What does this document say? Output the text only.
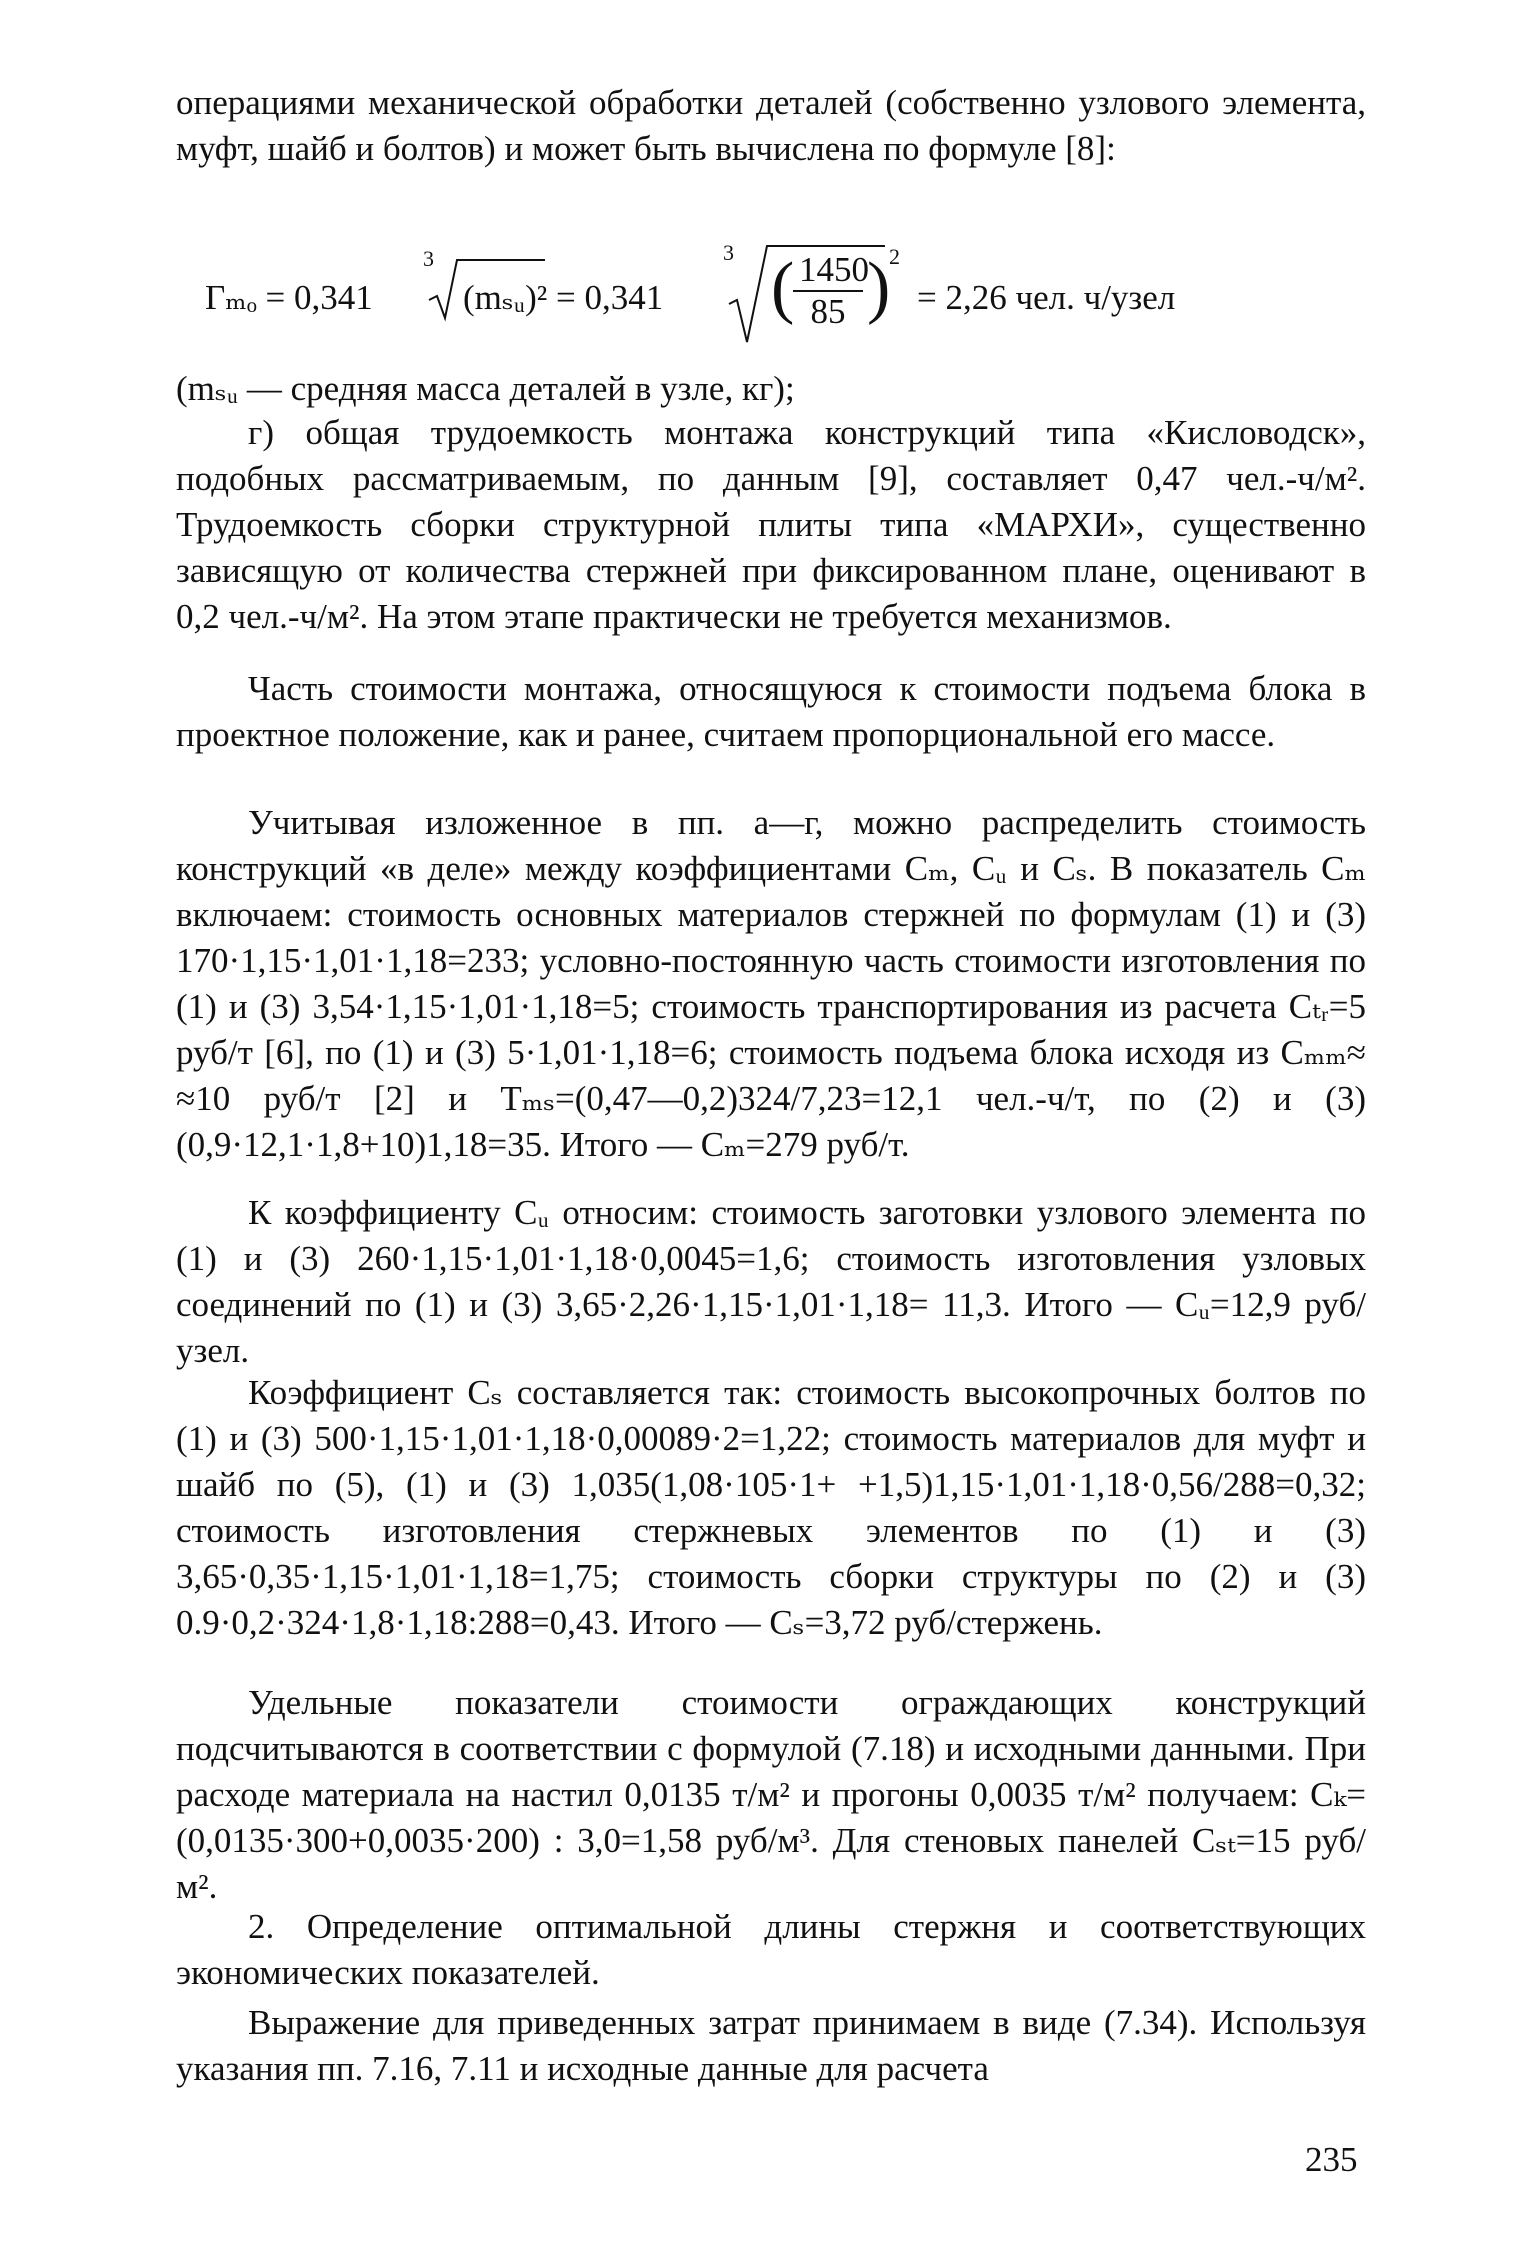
операциями механической обработки деталей (собственно узлового элемента, муфт, шайб и болтов) и может быть вычислена по формуле [8]:

Гₘₒ = 0,341
3
(mₛᵤ)² = 0,341
3 (
$\frac{1450}{85}$ )
2
= 2,26 чел. ч/узел

(mₛᵤ — средняя масса деталей в узле, кг);

г) общая трудоемкость монтажа конструкций типа «Кисловодск», подобных рассматриваемым, по данным [9], составляет 0,47 чел.-ч/м². Трудоемкость сборки структурной плиты типа «МАРХИ», существенно зависящую от количества стержней при фиксированном плане, оценивают в 0,2 чел.-ч/м². На этом этапе практически не требуется механизмов.

Часть стоимости монтажа, относящуюся к стоимости подъема блока в проектное положение, как и ранее, считаем пропорциональной его массе.

Учитывая изложенное в пп. а—г, можно распределить стоимость конструкций «в деле» между коэффициентами Cₘ, Cᵤ и Cₛ. В показатель Cₘ включаем: стоимость основных материалов стержней по формулам (1) и (3) 170·1,15·1,01·1,18=233; условно-постоянную часть стоимости изготовления по (1) и (3) 3,54·1,15·1,01·1,18=5; стоимость транспортирования из расчета Cₜᵣ=5 руб/т [6], по (1) и (3) 5·1,01·1,18=6; стоимость подъема блока исходя из Cₘₘ≈ ≈10 руб/т [2] и Tₘₛ=(0,47—0,2)324/7,23=12,1 чел.-ч/т, по (2) и (3) (0,9·12,1·1,8+10)1,18=35. Итого — Cₘ=279 руб/т.

К коэффициенту Cᵤ относим: стоимость заготовки узлового элемента по (1) и (3) 260·1,15·1,01·1,18·0,0045=1,6; стоимость изготовления узловых соединений по (1) и (3) 3,65·2,26·1,15·1,01·1,18= 11,3. Итого — Cᵤ=12,9 руб/узел.

Коэффициент Cₛ составляется так: стоимость высокопрочных болтов по (1) и (3) 500·1,15·1,01·1,18·0,00089·2=1,22; стоимость материалов для муфт и шайб по (5), (1) и (3) 1,035(1,08·105·1+ +1,5)1,15·1,01·1,18·0,56/288=0,32; стоимость изготовления стержневых элементов по (1) и (3) 3,65·0,35·1,15·1,01·1,18=1,75; стоимость сборки структуры по (2) и (3) 0.9·0,2·324·1,8·1,18:288=0,43. Итого — Cₛ=3,72 руб/стержень.

Удельные показатели стоимости ограждающих конструкций подсчитываются в соответствии с формулой (7.18) и исходными данными. При расходе материала на настил 0,0135 т/м² и прогоны 0,0035 т/м² получаем: Cₖ= (0,0135·300+0,0035·200) : 3,0=1,58 руб/м³. Для стеновых панелей Cₛₜ=15 руб/м².

2. Определение оптимальной длины стержня и соответствующих экономических показателей.

Выражение для приведенных затрат принимаем в виде (7.34). Используя указания пп. 7.16, 7.11 и исходные данные для расчета

235
